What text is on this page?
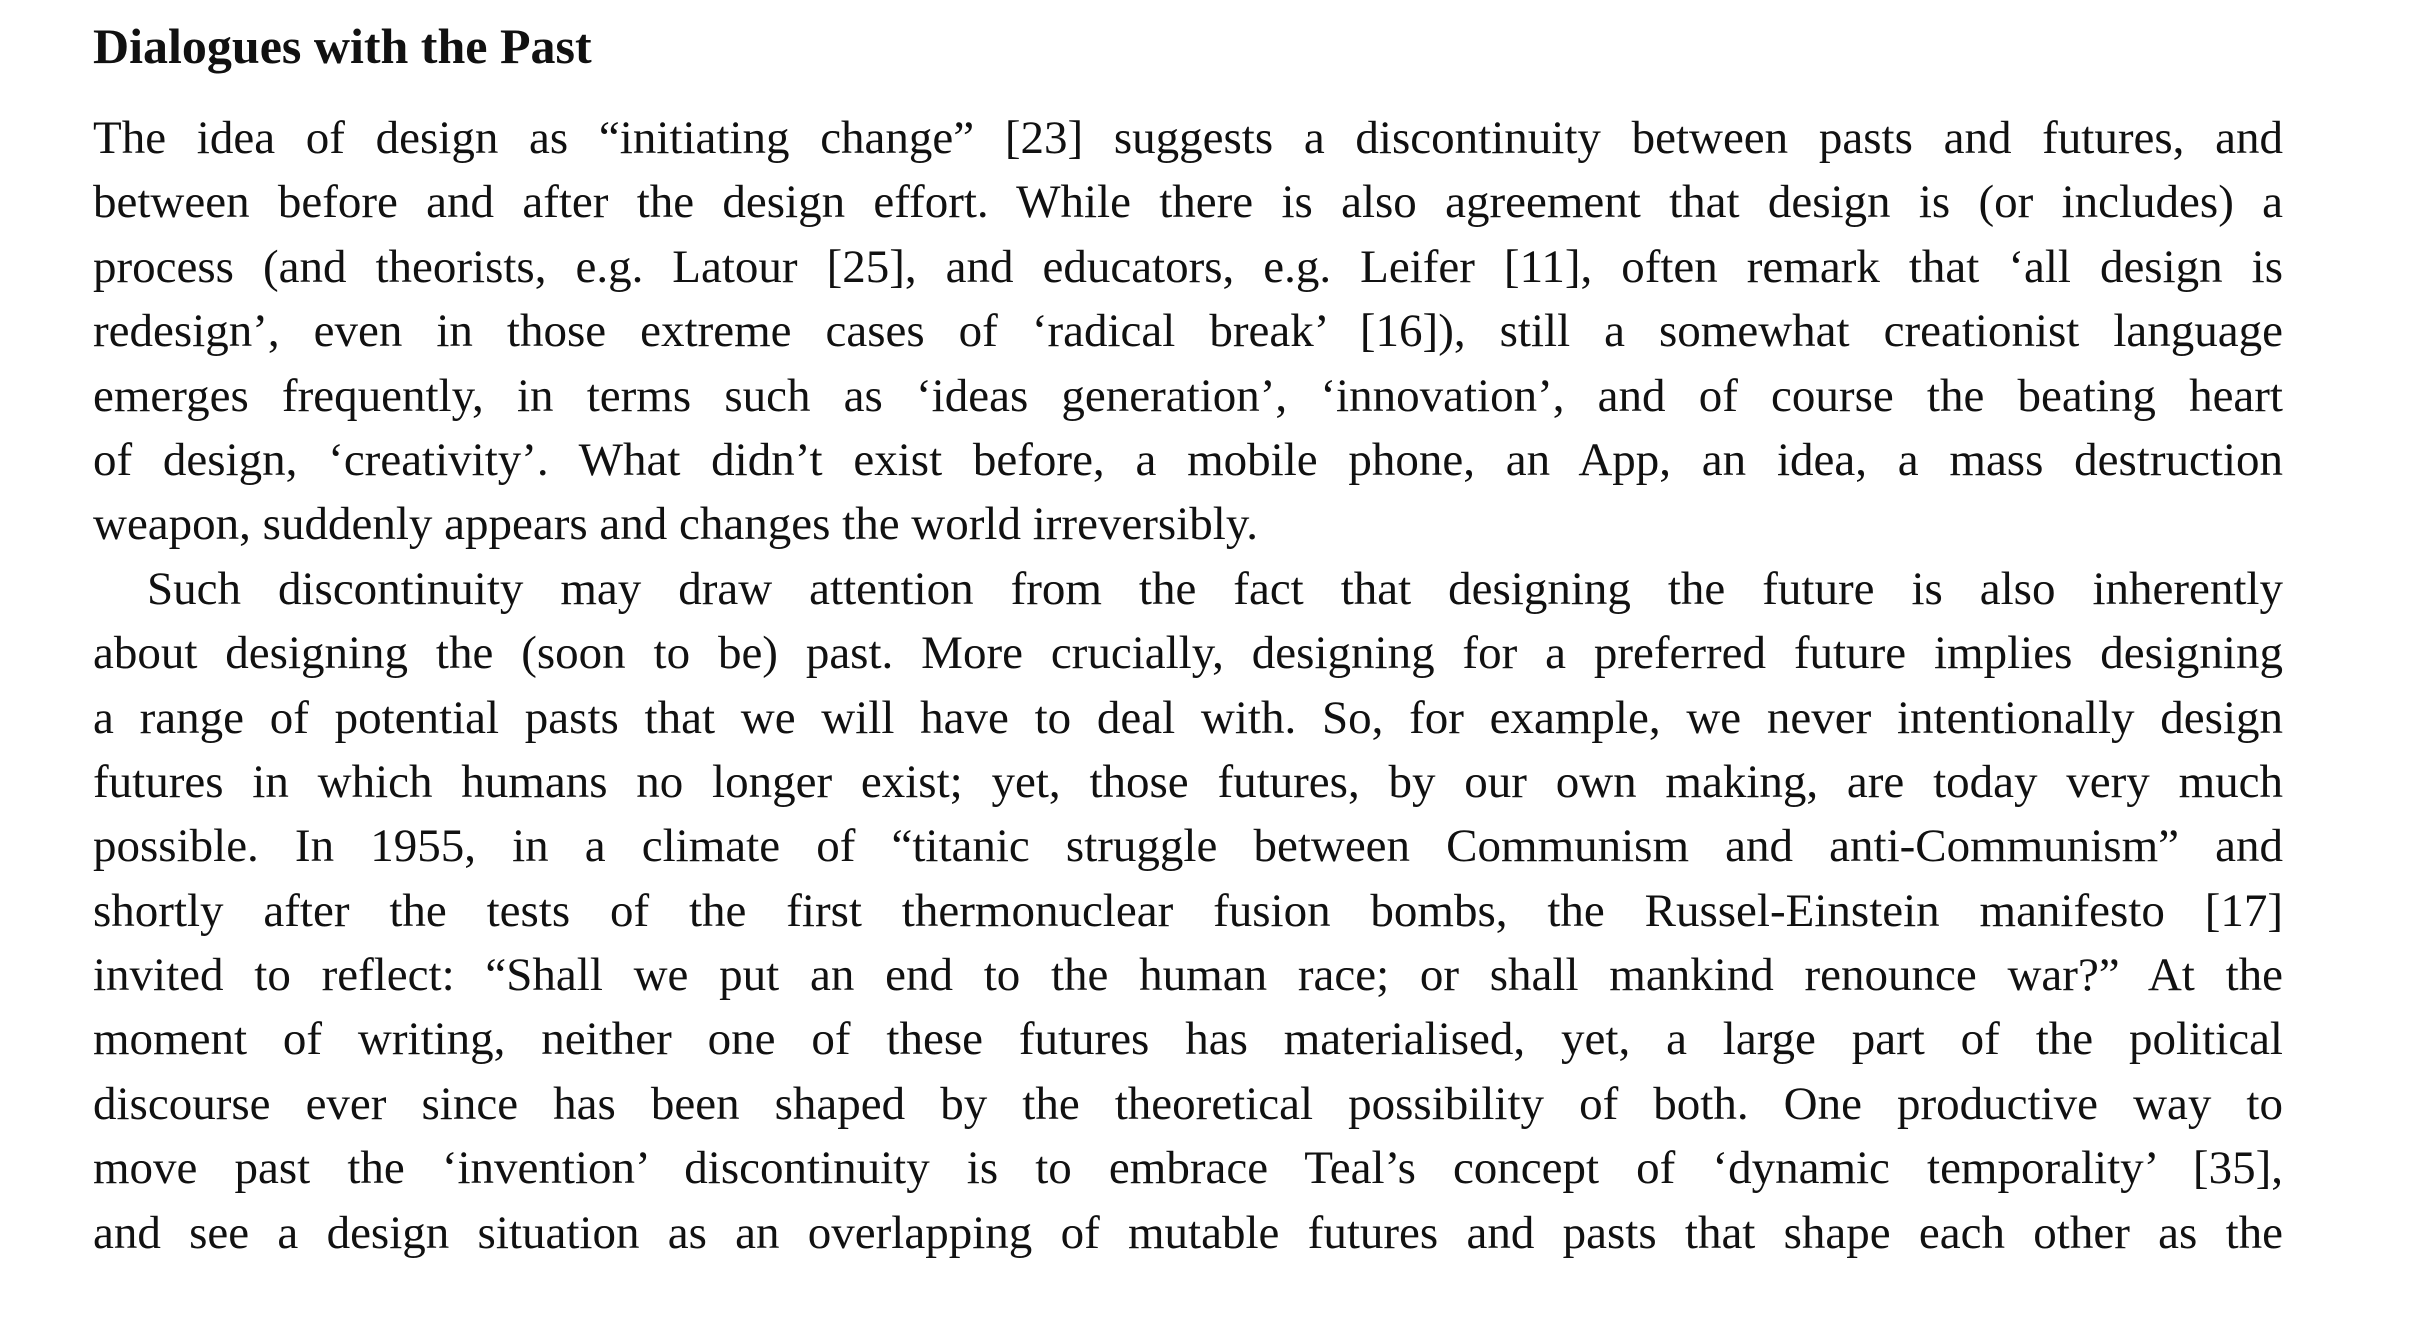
Dialogues with the Past
The idea of design as “initiating change” [23] suggests a discontinuity between pasts and futures, and
between before and after the design effort. While there is also agreement that design is (or includes) a
process (and theorists, e.g. Latour [25], and educators, e.g. Leifer [11], often remark that ‘all design is
redesign’, even in those extreme cases of ‘radical break’ [16]), still a somewhat creationist language
emerges frequently, in terms such as ‘ideas generation’, ‘innovation’, and of course the beating heart
of design, ‘creativity’. What didn’t exist before, a mobile phone, an App, an idea, a mass destruction
weapon, suddenly appears and changes the world irreversibly.
Such discontinuity may draw attention from the fact that designing the future is also inherently
about designing the (soon to be) past. More crucially, designing for a preferred future implies designing
a range of potential pasts that we will have to deal with. So, for example, we never intentionally design
futures in which humans no longer exist; yet, those futures, by our own making, are today very much
possible. In 1955, in a climate of “titanic struggle between Communism and anti-Communism” and
shortly after the tests of the first thermonuclear fusion bombs, the Russel-Einstein manifesto [17]
invited to reflect: “Shall we put an end to the human race; or shall mankind renounce war?” At the
moment of writing, neither one of these futures has materialised, yet, a large part of the political
discourse ever since has been shaped by the theoretical possibility of both. One productive way to
move past the ‘invention’ discontinuity is to embrace Teal’s concept of ‘dynamic temporality’ [35],
and see a design situation as an overlapping of mutable futures and pasts that shape each other as the
